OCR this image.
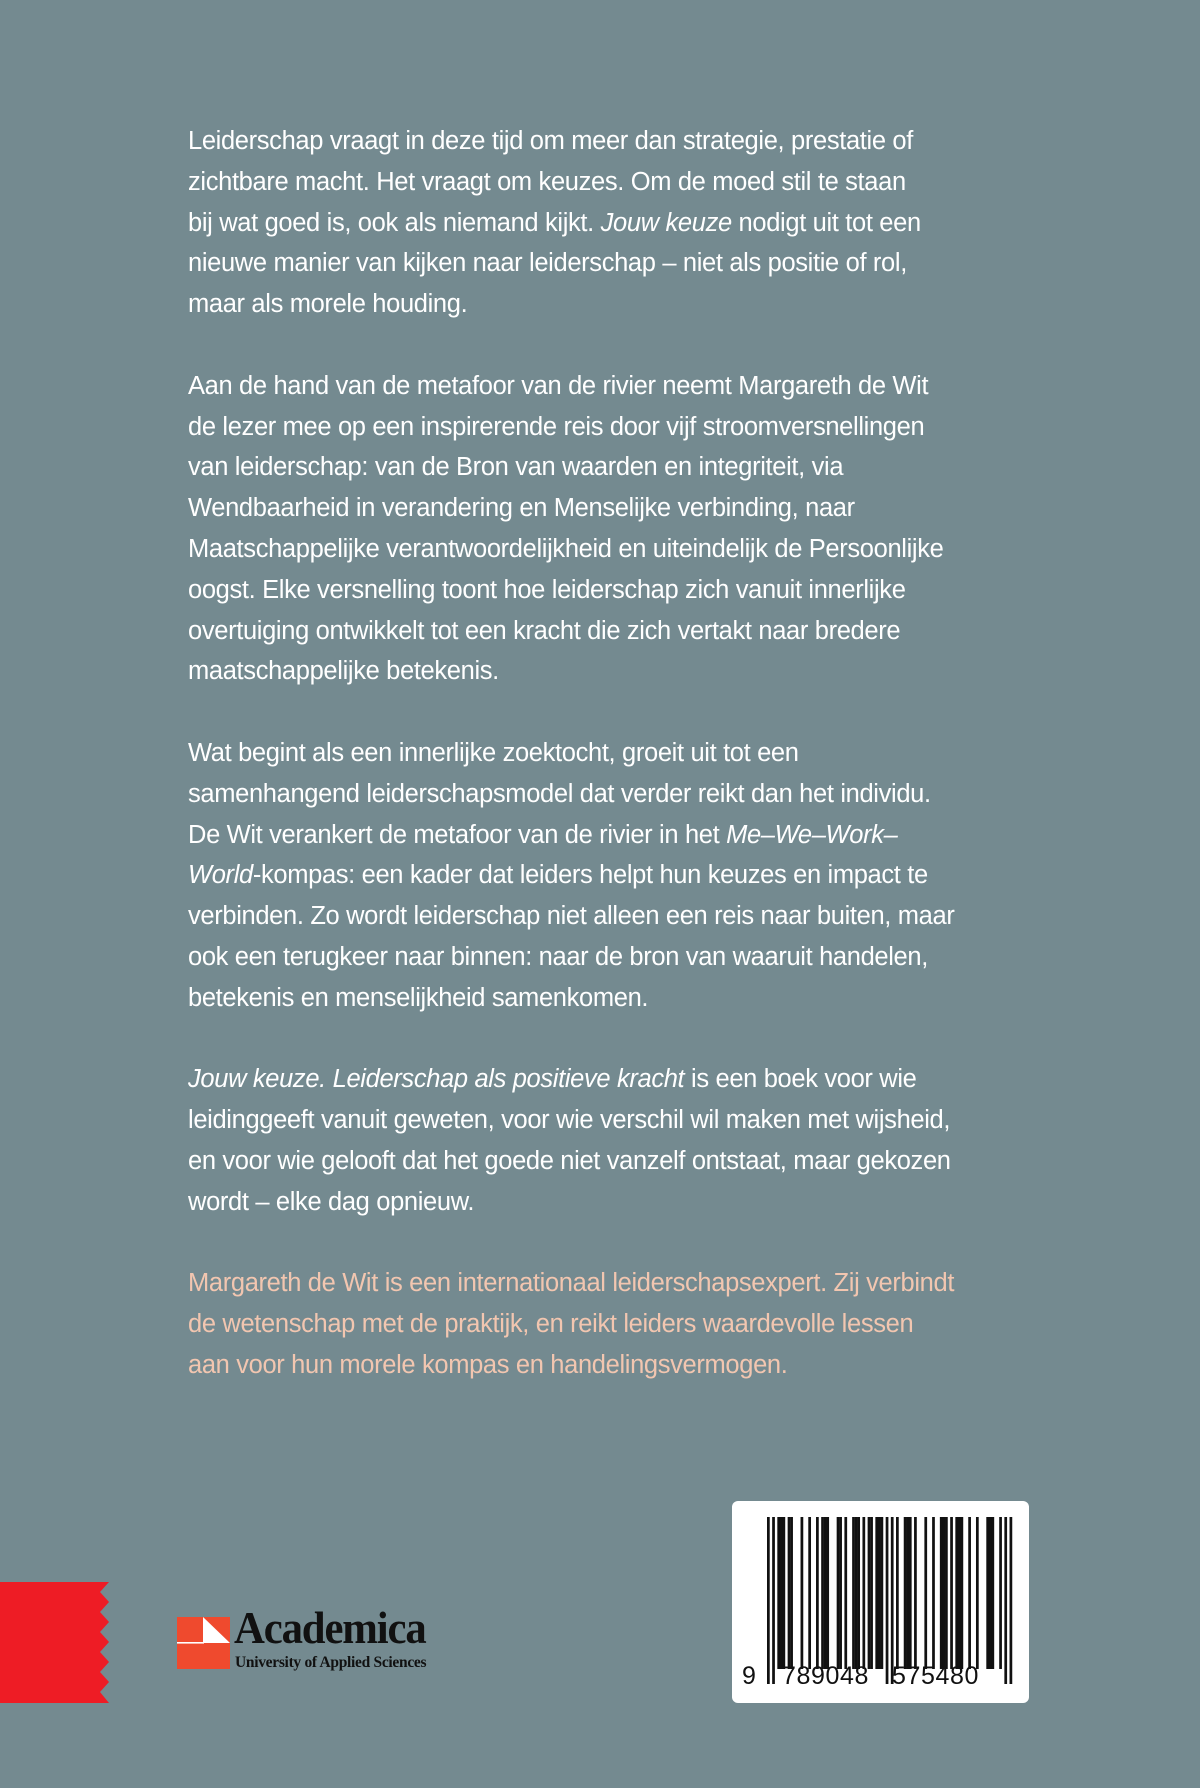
Leiderschap vraagt in deze tijd om meer dan strategie, prestatie of
zichtbare macht. Het vraagt om keuzes. Om de moed stil te staan
bij wat goed is, ook als niemand kijkt. Jouw keuze nodigt uit tot een
nieuwe manier van kijken naar leiderschap – niet als positie of rol,
maar als morele houding.
Aan de hand van de metafoor van de rivier neemt Margareth de Wit
de lezer mee op een inspirerende reis door vijf stroomversnellingen
van leiderschap: van de Bron van waarden en integriteit, via
Wendbaarheid in verandering en Menselijke verbinding, naar
Maatschappelijke verantwoordelijkheid en uiteindelijk de Persoonlijke
oogst. Elke versnelling toont hoe leiderschap zich vanuit innerlijke
overtuiging ontwikkelt tot een kracht die zich vertakt naar bredere
maatschappelijke betekenis.
Wat begint als een innerlijke zoektocht, groeit uit tot een
samenhangend leiderschapsmodel dat verder reikt dan het individu.
De Wit verankert de metafoor van de rivier in het Me–We–Work–
World-kompas: een kader dat leiders helpt hun keuzes en impact te
verbinden. Zo wordt leiderschap niet alleen een reis naar buiten, maar
ook een terugkeer naar binnen: naar de bron van waaruit handelen,
betekenis en menselijkheid samenkomen.
Jouw keuze. Leiderschap als positieve kracht is een boek voor wie
leidinggeeft vanuit geweten, voor wie verschil wil maken met wijsheid,
en voor wie gelooft dat het goede niet vanzelf ontstaat, maar gekozen
wordt – elke dag opnieuw.
Margareth de Wit is een internationaal leiderschapsexpert. Zij verbindt
de wetenschap met de praktijk, en reikt leiders waardevolle lessen
aan voor hun morele kompas en handelingsvermogen.
Academica
University of Applied Sciences	9 789048 575480
